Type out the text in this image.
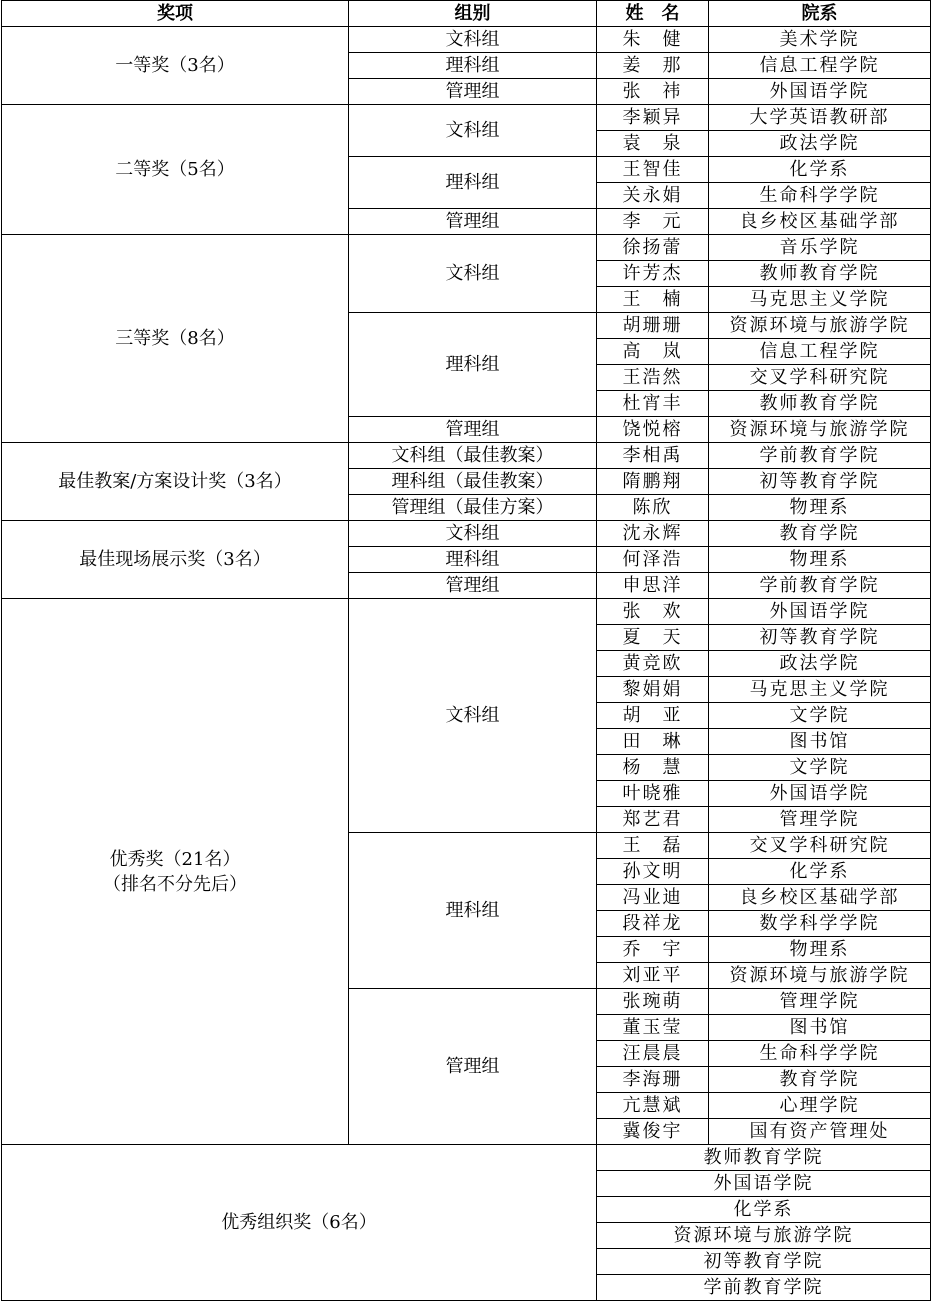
奖项	组别	姓　名	院系
一等奖（3名）	文科组	朱　健	美术学院
	理科组	姜　那	信息工程学院
	管理组	张　祎	外国语学院
二等奖（5名）	文科组	李颖异	大学英语教研部
		袁　泉	政法学院
	理科组	王智佳	化学系
		关永娟	生命科学学院
	管理组	李　元	良乡校区基础学部
三等奖（8名）	文科组	徐扬蕾	音乐学院
		许芳杰	教师教育学院
		王　楠	马克思主义学院
	理科组	胡珊珊	资源环境与旅游学院
		高　岚	信息工程学院
		王浩然	交叉学科研究院
		杜宵丰	教师教育学院
	管理组	饶悦榕	资源环境与旅游学院
最佳教案/方案设计奖（3名）	文科组（最佳教案）	李相禹	学前教育学院
	理科组（最佳教案）	隋鹏翔	初等教育学院
	管理组（最佳方案）	陈欣	物理系
最佳现场展示奖（3名）	文科组	沈永辉	教育学院
	理科组	何泽浩	物理系
	管理组	申思洋	学前教育学院

优秀奖（21名）
（排名不分先后）	文科组	张　欢	外国语学院
		夏　天	初等教育学院
		黄竞欧	政法学院
		黎娟娟	马克思主义学院
		胡　亚	文学院
		田　琳	图书馆
		杨　慧	文学院
		叶晓雅	外国语学院
		郑艺君	管理学院
	理科组	王　磊	交叉学科研究院
		孙文明	化学系
		冯业迪	良乡校区基础学部
		段祥龙	数学科学学院
		乔　宇	物理系
		刘亚平	资源环境与旅游学院
	管理组	张琬萌	管理学院
		董玉莹	图书馆
		汪晨晨	生命科学学院
		李海珊	教育学院
		亢慧斌	心理学院
		冀俊宇	国有资产管理处
优秀组织奖（6名）		教师教育学院	
		外国语学院	
		化学系	
		资源环境与旅游学院	
		初等教育学院	
		学前教育学院	
